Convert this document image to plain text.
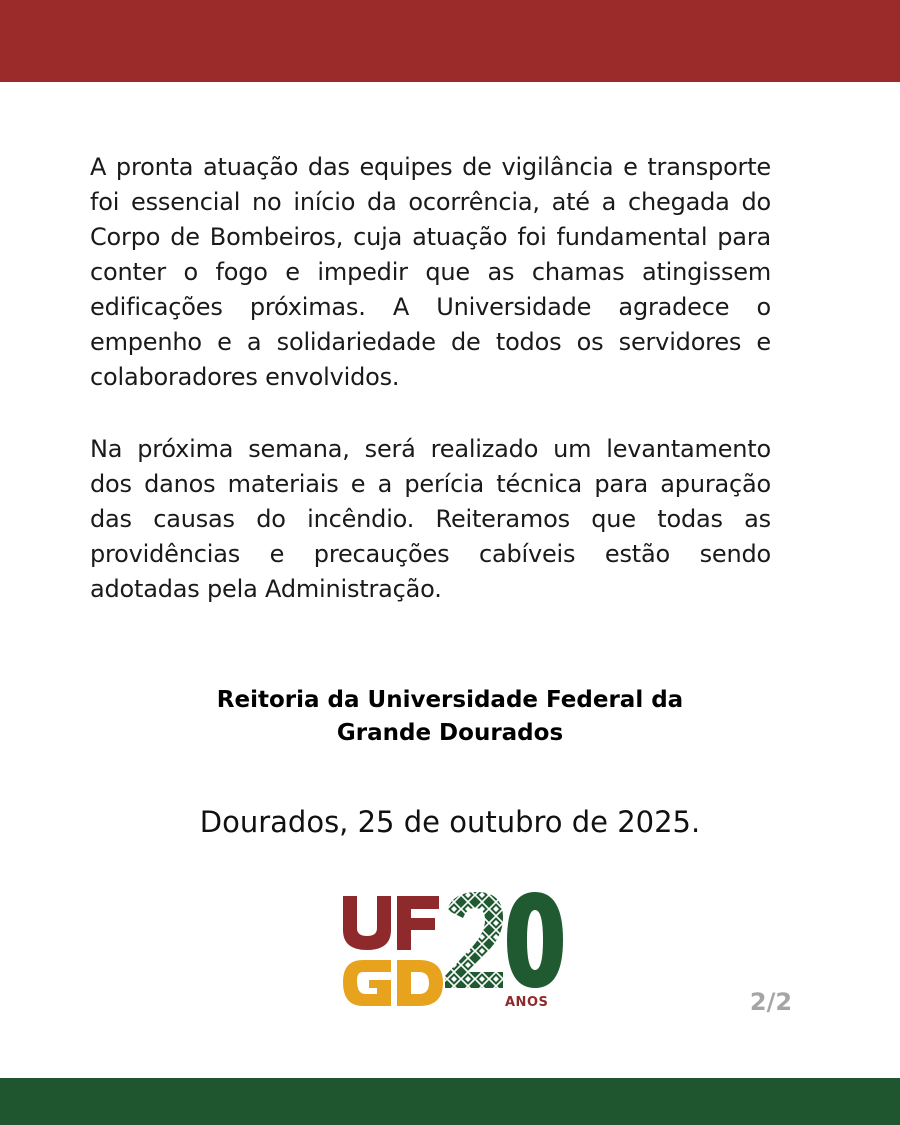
A pronta atuação das equipes de vigilância e transporte foi essencial no início da ocorrência, até a chegada do Corpo de Bombeiros, cuja atuação foi fundamental para conter o fogo e impedir que as chamas atingissem edificações próximas. A Universidade agradece o empenho e a solidariedade de todos os servidores e colaboradores envolvidos.

Na próxima semana, será realizado um levantamento dos danos materiais e a perícia técnica para apuração das causas do incêndio. Reiteramos que todas as providências e precauções cabíveis estão sendo adotadas pela Administração.

Reitoria da Universidade Federal da
Grande Dourados
Dourados, 25 de outubro de 2025.
ANOS	2/2
